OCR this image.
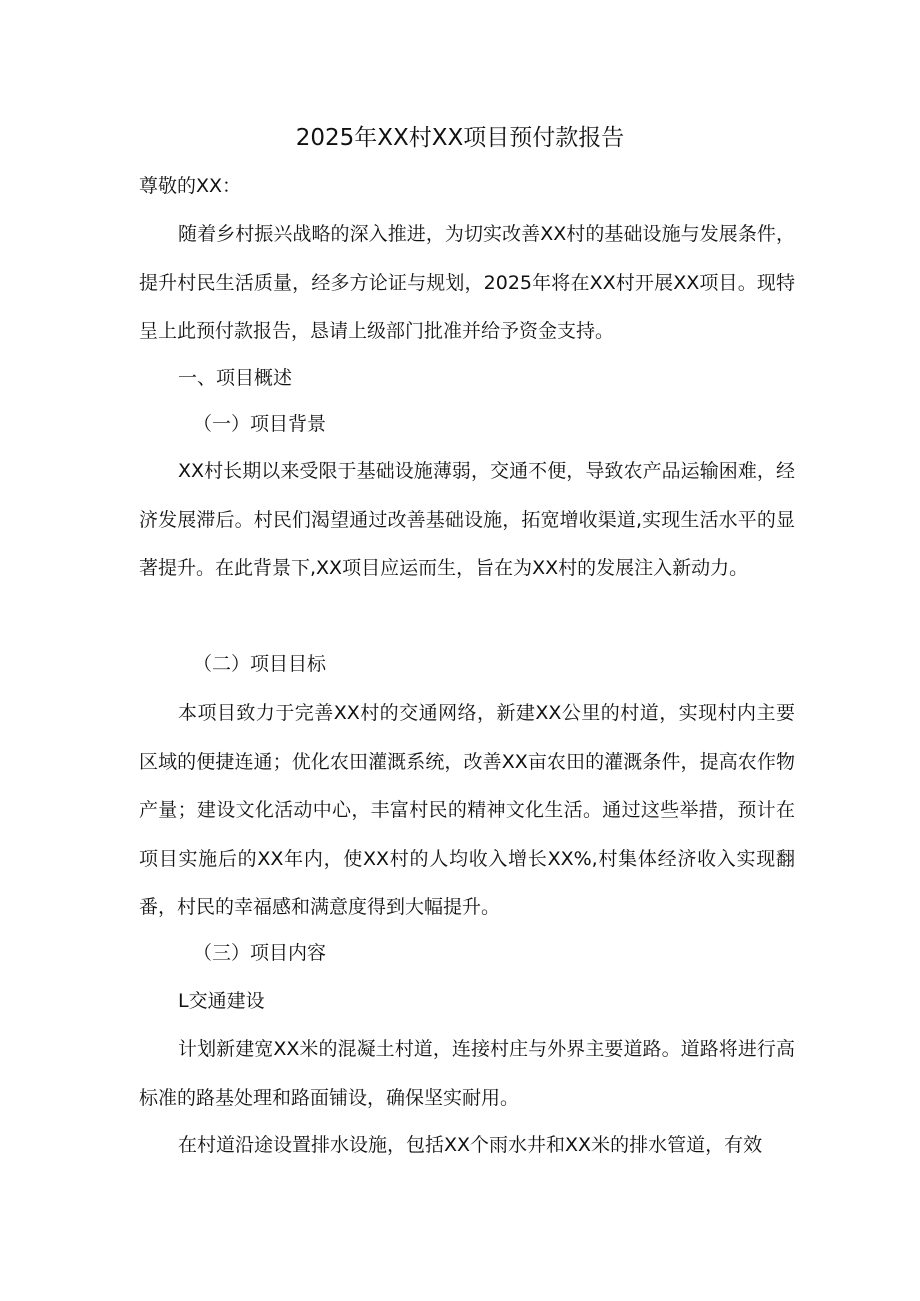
2025年XX村XX项目预付款报告
尊敬的XX：
随着乡村振兴战略的深入推进，为切实改善XX村的基础设施与发展条件，提升村民生活质量，经多方论证与规划，2025年将在XX村开展XX项目。现特呈上此预付款报告，恳请上级部门批准并给予资金支持。
一、项目概述
（一）项目背景
XX村长期以来受限于基础设施薄弱，交通不便，导致农产品运输困难，经济发展滞后。村民们渴望通过改善基础设施，拓宽增收渠道,实现生活水平的显著提升。在此背景下,XX项目应运而生，旨在为XX村的发展注入新动力。
（二）项目目标
本项目致力于完善XX村的交通网络，新建XX公里的村道，实现村内主要区域的便捷连通；优化农田灌溉系统，改善XX亩农田的灌溉条件，提高农作物产量；建设文化活动中心，丰富村民的精神文化生活。通过这些举措，预计在项目实施后的XX年内，使XX村的人均收入增长XX%,村集体经济收入实现翻番，村民的幸福感和满意度得到大幅提升。
（三）项目内容
L交通建设
计划新建宽XX米的混凝土村道，连接村庄与外界主要道路。道路将进行高标准的路基处理和路面铺设，确保坚实耐用。
在村道沿途设置排水设施，包括XX个雨水井和XX米的排水管道，有效
